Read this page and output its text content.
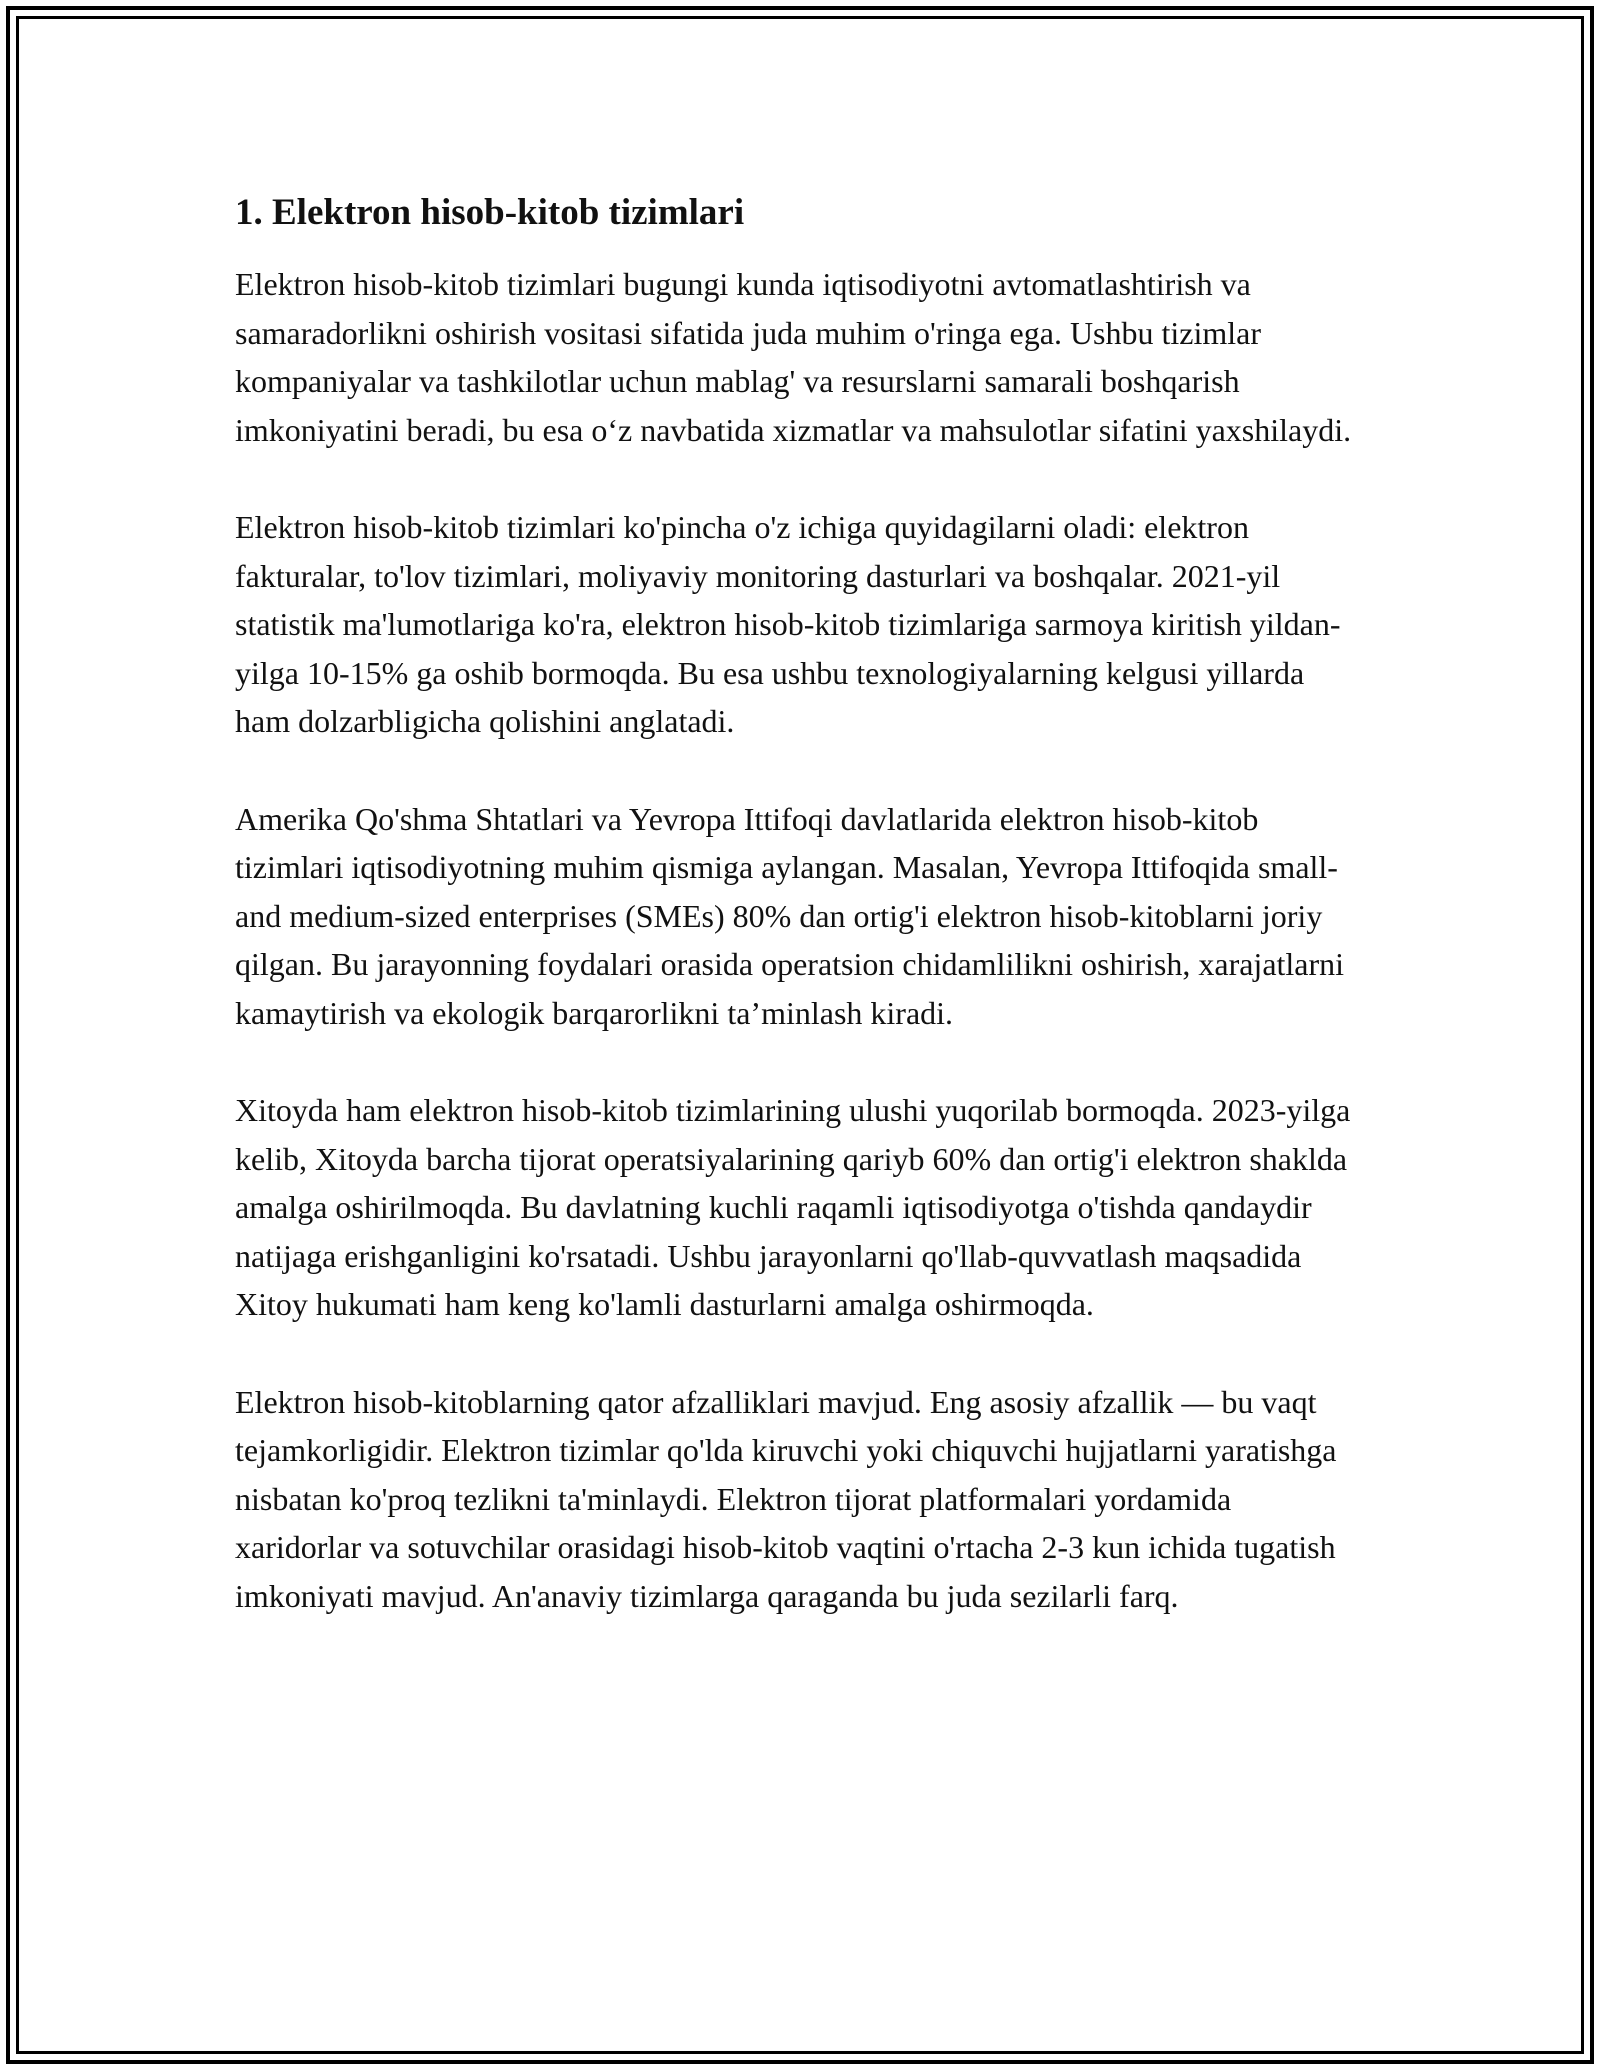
1. Elektron hisob-kitob tizimlari

Elektron hisob-kitob tizimlari bugungi kunda iqtisodiyotni avtomatlashtirish va samaradorlikni oshirish vositasi sifatida juda muhim o'ringa ega. Ushbu tizimlar kompaniyalar va tashkilotlar uchun mablag' va resurslarni samarali boshqarish imkoniyatini beradi, bu esa o‘z navbatida xizmatlar va mahsulotlar sifatini yaxshilaydi.

Elektron hisob-kitob tizimlari ko'pincha o'z ichiga quyidagilarni oladi: elektron fakturalar, to'lov tizimlari, moliyaviy monitoring dasturlari va boshqalar. 2021-yil statistik ma'lumotlariga ko'ra, elektron hisob-kitob tizimlariga sarmoya kiritish yildan-yilga 10-15% ga oshib bormoqda. Bu esa ushbu texnologiyalarning kelgusi yillarda ham dolzarbligicha qolishini anglatadi.

Amerika Qo'shma Shtatlari va Yevropa Ittifoqi davlatlarida elektron hisob-kitob tizimlari iqtisodiyotning muhim qismiga aylangan. Masalan, Yevropa Ittifoqida small- and medium-sized enterprises (SMEs) 80% dan ortig'i elektron hisob-kitoblarni joriy qilgan. Bu jarayonning foydalari orasida operatsion chidamlilikni oshirish, xarajatlarni kamaytirish va ekologik barqarorlikni ta’minlash kiradi.

Xitoyda ham elektron hisob-kitob tizimlarining ulushi yuqorilab bormoqda. 2023-yilga kelib, Xitoyda barcha tijorat operatsiyalarining qariyb 60% dan ortig'i elektron shaklda amalga oshirilmoqda. Bu davlatning kuchli raqamli iqtisodiyotga o'tishda qandaydir natijaga erishganligini ko'rsatadi. Ushbu jarayonlarni qo'llab-quvvatlash maqsadida Xitoy hukumati ham keng ko'lamli dasturlarni amalga oshirmoqda.

Elektron hisob-kitoblarning qator afzalliklari mavjud. Eng asosiy afzallik — bu vaqt tejamkorligidir. Elektron tizimlar qo'lda kiruvchi yoki chiquvchi hujjatlarni yaratishga nisbatan ko'proq tezlikni ta'minlaydi. Elektron tijorat platformalari yordamida xaridorlar va sotuvchilar orasidagi hisob-kitob vaqtini o'rtacha 2-3 kun ichida tugatish imkoniyati mavjud. An'anaviy tizimlarga qaraganda bu juda sezilarli farq.
